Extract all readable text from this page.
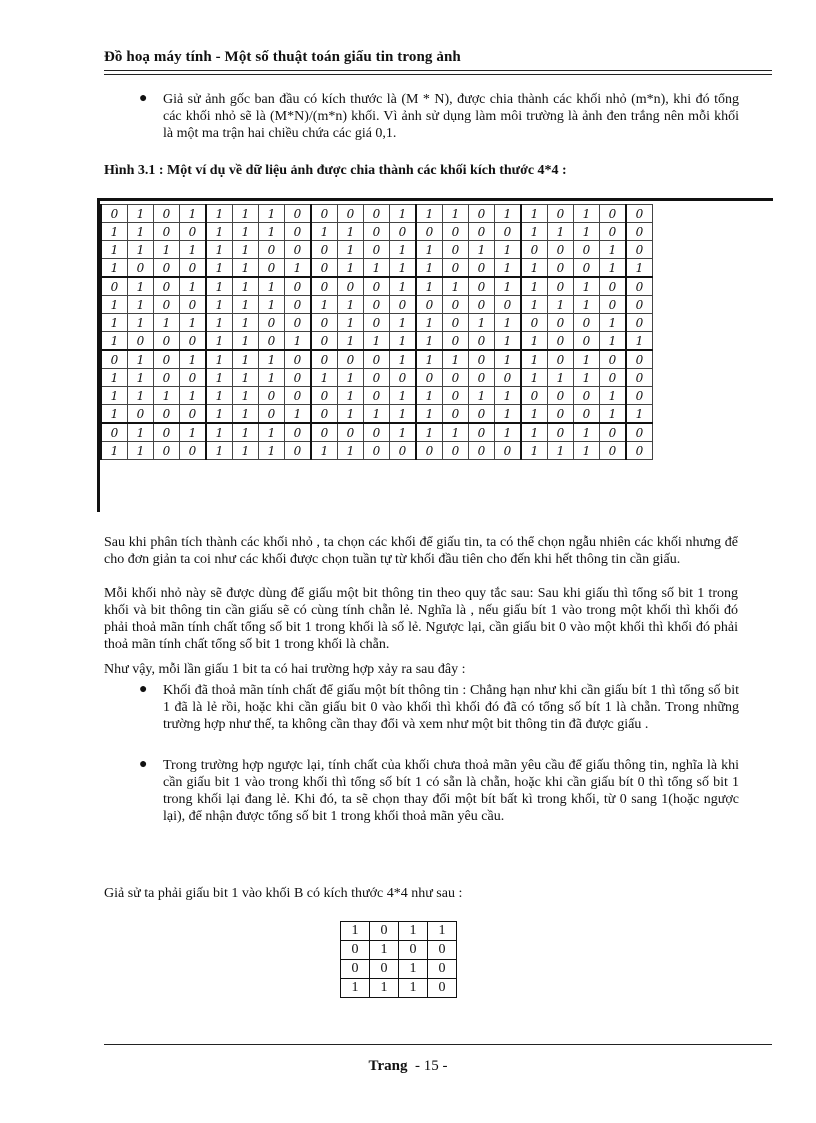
Đồ hoạ máy tính - Một số thuật toán giấu tin trong ảnh
● Giả sử ảnh gốc ban đầu có kích thước là (M * N), được chia thành các khối nhỏ (m*n), khi đó tổng các khối nhỏ sẽ là (M*N)/(m*n) khối. Vì ảnh sử dụng làm môi trường là ảnh đen trắng nên mỗi khối là một ma trận hai chiều chứa các giá 0,1.
Hình 3.1 : Một ví dụ về dữ liệu ảnh được chia thành các khối kích thước 4*4 :
0	1	0	1	1	1	1	0	0	0	0	1	1	1	0	1	1	0	1	0	0
1	1	0	0	1	1	1	0	1	1	0	0	0	0	0	0	1	1	1	0	0
1	1	1	1	1	1	0	0	0	1	0	1	1	0	1	1	0	0	0	1	0
1	0	0	0	1	1	0	1	0	1	1	1	1	0	0	1	1	0	0	1	1
0	1	0	1	1	1	1	0	0	0	0	1	1	1	0	1	1	0	1	0	0
1	1	0	0	1	1	1	0	1	1	0	0	0	0	0	0	1	1	1	0	0
1	1	1	1	1	1	0	0	0	1	0	1	1	0	1	1	0	0	0	1	0
1	0	0	0	1	1	0	1	0	1	1	1	1	0	0	1	1	0	0	1	1
0	1	0	1	1	1	1	0	0	0	0	1	1	1	0	1	1	0	1	0	0
1	1	0	0	1	1	1	0	1	1	0	0	0	0	0	0	1	1	1	0	0
1	1	1	1	1	1	0	0	0	1	0	1	1	0	1	1	0	0	0	1	0
1	0	0	0	1	1	0	1	0	1	1	1	1	0	0	1	1	0	0	1	1
0	1	0	1	1	1	1	0	0	0	0	1	1	1	0	1	1	0	1	0	0
1	1	0	0	1	1	1	0	1	1	0	0	0	0	0	0	1	1	1	0	0
Sau khi phân tích thành các khối nhỏ , ta chọn các khối để giấu tin, ta có thể chọn ngẫu nhiên các khối nhưng để cho đơn giản ta coi như các khối được chọn tuần tự từ khối đầu tiên cho đến khi hết thông tin cần giấu.
Mỗi khối nhỏ này sẽ được dùng để giấu một bit thông tin theo quy tắc sau: Sau khi giấu thì tổng số bit 1 trong khối và bit thông tin cần giấu sẽ có cùng tính chẵn lẻ. Nghĩa là , nếu giấu bít 1 vào trong một khối thì khối đó phải thoả mãn tính chất tổng số bit 1 trong khối là số lẻ. Ngược lại, cần giấu bit 0 vào một khối thì khối đó phải thoả mãn tính chất tổng số bit 1 trong khối là chẵn.
Như vậy, mỗi lần giấu 1 bit ta có hai trường hợp xảy ra sau đây :
● Khối đã thoả mãn tính chất để giấu một bít thông tin : Chẳng hạn như khi cần giấu bít 1 thì tổng số bit 1 đã là lẻ rồi, hoặc khi cần giấu bit 0 vào khối thì khối đó đã có tổng số bít 1 là chẵn. Trong những trường hợp như thế, ta không cần thay đổi và xem như một bit thông tin đã được giấu .
● Trong trường hợp ngược lại, tính chất của khối chưa thoả mãn yêu cầu để giấu thông tin, nghĩa là khi cần giấu bit 1 vào trong khối thì tổng số bít 1 có sẵn là chẵn, hoặc khi cần giấu bít 0 thì tổng số bit 1 trong khối lại đang lẻ. Khi đó, ta sẽ chọn thay đổi một bít bất kì trong khối, từ 0 sang 1(hoặc ngược lại), để nhận được tổng số bit 1 trong khối thoả mãn yêu cầu.
Giả sử ta phải giấu bit 1 vào khối B có kích thước 4*4 như sau :
1	0	1	1
0	1	0	0
0	0	1	0
1	1	1	0
Trang - 15 -
